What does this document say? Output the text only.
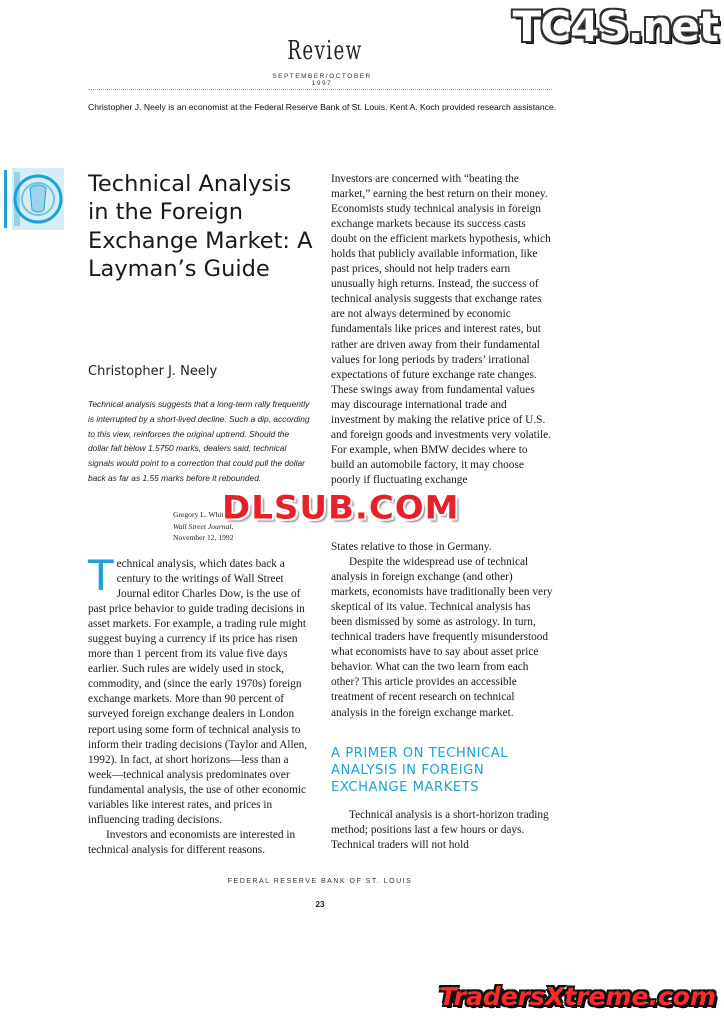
TC4S.net
Review
SEPTEMBER/OCTOBER 1997
Christopher J. Neely is an economist at the Federal Reserve Bank of St. Louis. Kent A. Koch provided research assistance.
Technical Analysis in the Foreign Exchange Market: A Layman’s Guide
Christopher J. Neely
Technical analysis suggests that a long-term rally frequently is interrupted by a short-lived decline. Such a dip, according to this view, reinforces the original uptrend. Should the dollar fall below 1.5750 marks, dealers said, technical signals would point to a correction that could pull the dollar back as far as 1.55 marks before it rebounded.
Gregory L. White,
Wall Street Journal,
November 12, 1992

Technical analysis, which dates back a century to the writings of Wall Street Journal editor Charles Dow, is the use of past price behavior to guide trading decisions in asset markets. For example, a trading rule might suggest buying a currency if its price has risen more than 1 percent from its value five days earlier. Such rules are widely used in stock, commodity, and (since the early 1970s) foreign exchange markets. More than 90 percent of surveyed foreign exchange dealers in London report using some form of technical analysis to inform their trading decisions (Taylor and Allen, 1992). In fact, at short horizons—less than a week—technical analysis predominates over fundamental analysis, the use of other economic variables like interest rates, and prices in influencing trading decisions.

Investors and economists are interested in technical analysis for different reasons.

Investors are concerned with “beating the market,” earning the best return on their money. Economists study technical analysis in foreign exchange markets because its success casts doubt on the efficient markets hypothesis, which holds that publicly available information, like past prices, should not help traders earn unusually high returns. Instead, the success of technical analysis suggests that exchange rates are not always determined by economic fundamentals like prices and interest rates, but rather are driven away from their fundamental values for long periods by traders’ irrational expectations of future exchange rate changes. These swings away from fundamental values may discourage international trade and investment by making the relative price of U.S. and foreign goods and investments very volatile. For example, when BMW decides where to build an automobile factory, it may choose poorly if fluctuating exchange

States relative to those in Germany.

Despite the widespread use of technical analysis in foreign exchange (and other) markets, economists have traditionally been very skeptical of its value. Technical analysis has been dismissed by some as astrology. In turn, technical traders have frequently misunderstood what economists have to say about asset price behavior. What can the two learn from each other? This article provides an accessible treatment of recent research on technical analysis in the foreign exchange market.

A PRIMER ON TECHNICAL ANALYSIS IN FOREIGN EXCHANGE MARKETS

Technical analysis is a short-horizon trading method; positions last a few hours or days. Technical traders will not hold

DLSUB.COM
FEDERAL RESERVE BANK OF ST. LOUIS
23
TradersXtreme.com
